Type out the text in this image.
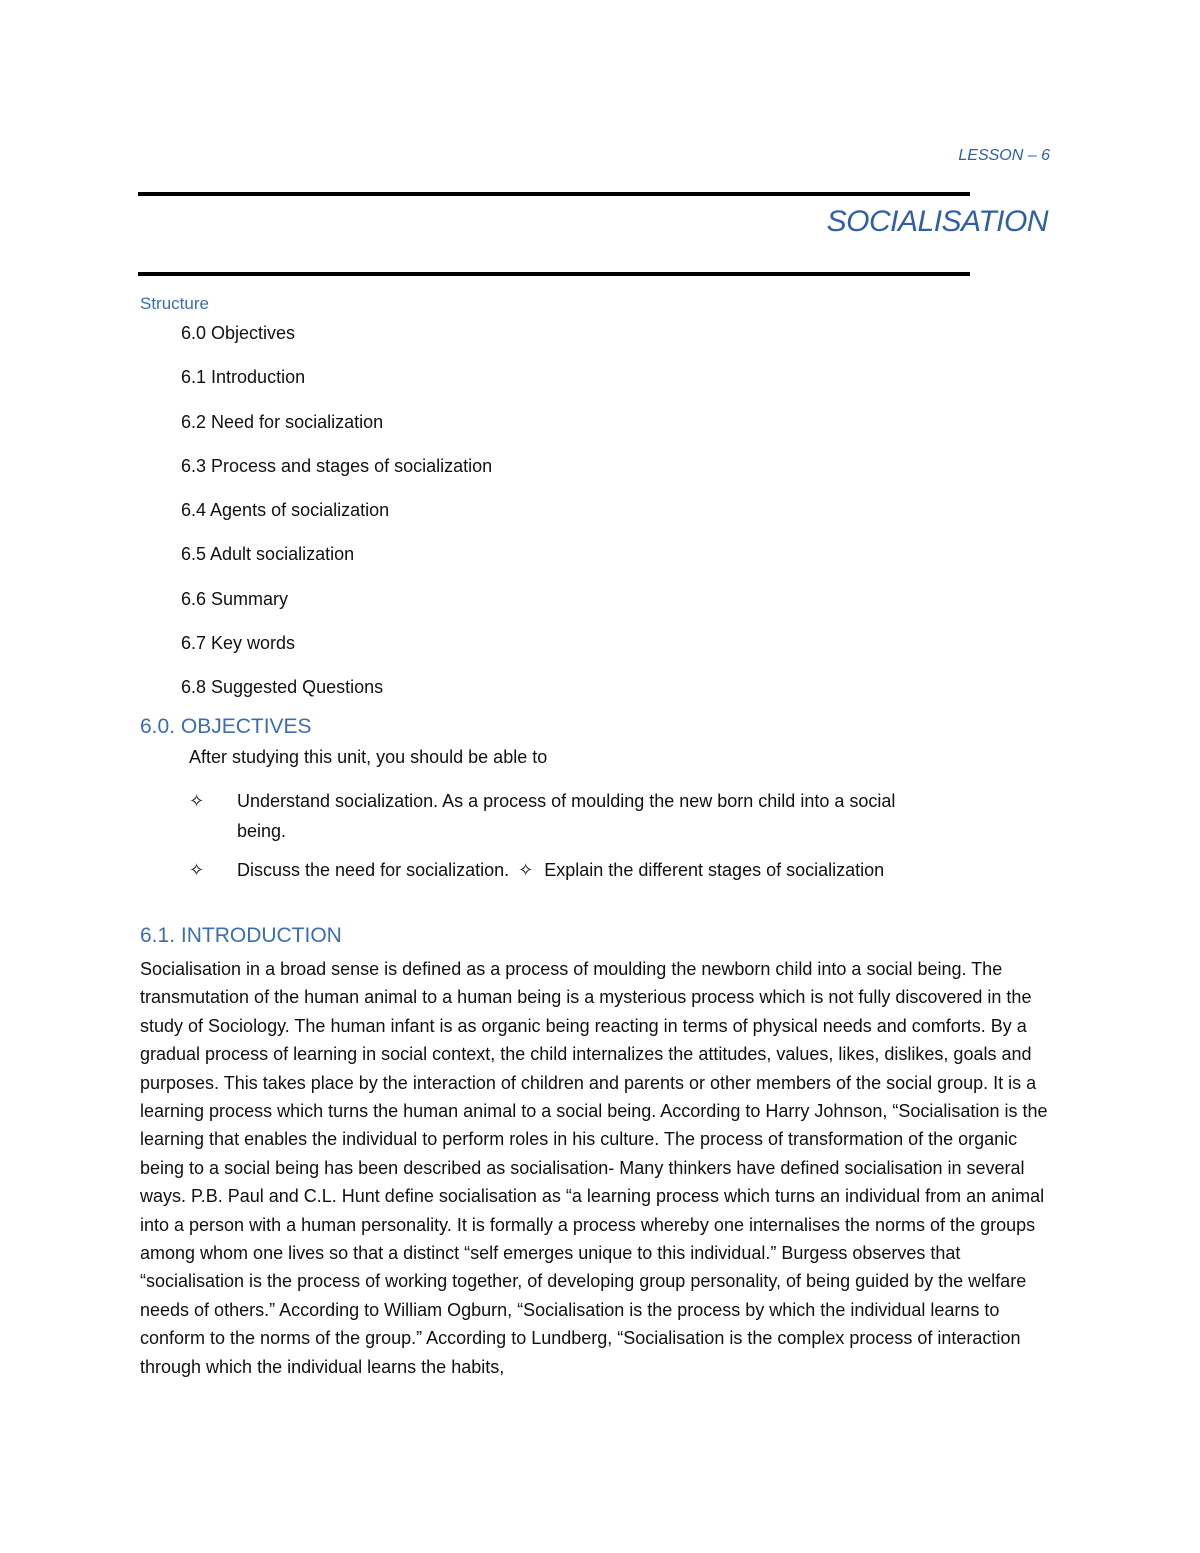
LESSON – 6
SOCIALISATION
Structure
6.0 Objectives
6.1 Introduction
6.2 Need for socialization
6.3 Process and stages of socialization
6.4 Agents of socialization
6.5 Adult socialization
6.6 Summary
6.7 Key words
6.8 Suggested Questions
6.0. OBJECTIVES
After studying this unit, you should be able to
✧ Understand socialization. As a process of moulding the new born child into a social being.
✧ Discuss the need for socialization. ✧ Explain the different stages of socialization
6.1. INTRODUCTION

Socialisation in a broad sense is defined as a process of moulding the newborn child into a social being. The transmutation of the human animal to a human being is a mysterious process which is not fully discovered in the study of Sociology. The human infant is as organic being reacting in terms of physical needs and comforts. By a gradual process of learning in social context, the child internalizes the attitudes, values, likes, dislikes, goals and purposes. This takes place by the interaction of children and parents or other members of the social group. It is a learning process which turns the human animal to a social being. According to Harry Johnson, “Socialisation is the learning that enables the individual to perform roles in his culture. The process of transformation of the organic being to a social being has been described as socialisation- Many thinkers have defined socialisation in several ways. P.B. Paul and C.L. Hunt define socialisation as “a learning process which turns an individual from an animal into a person with a human personality. It is formally a process whereby one internalises the norms of the groups among whom one lives so that a distinct “self emerges unique to this individual.” Burgess observes that “socialisation is the process of working together, of developing group personality, of being guided by the welfare needs of others.” According to William Ogburn, “Socialisation is the process by which the individual learns to conform to the norms of the group.” According to Lundberg, “Socialisation is the complex process of interaction through which the individual learns the habits,
